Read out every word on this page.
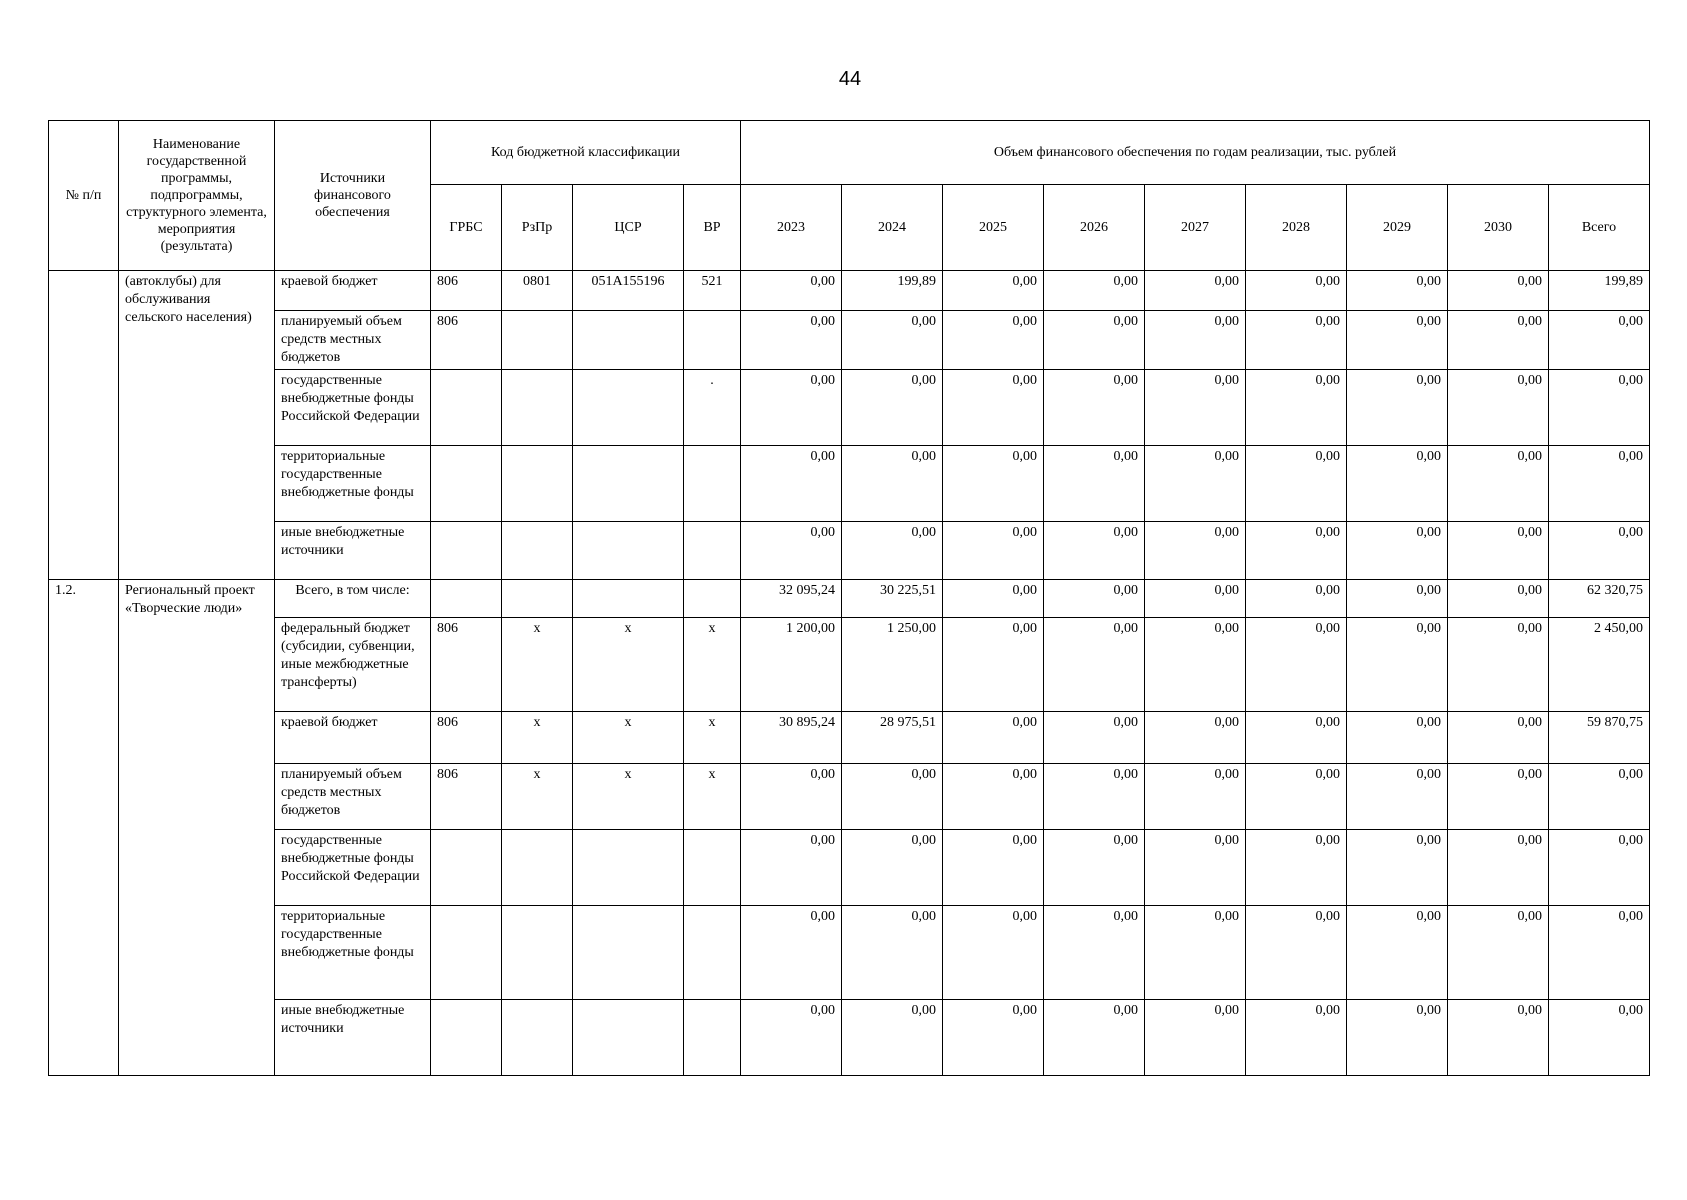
44
№ п/п	Наименование государственной программы, подпрограммы, структурного элемента, мероприятия (результата)	Источники финансового обеспечения	Код бюджетной классификации				Объем финансового обеспечения по годам реализации, тыс. рублей								
			ГРБС	РзПр	ЦСР	ВР	2023	2024	2025	2026	2027	2028	2029	2030	Всего
	(автоклубы) для обслуживания сельского населения)	краевой бюджет	806	0801	051А155196	521	0,00	199,89	0,00	0,00	0,00	0,00	0,00	0,00	199,89
		планируемый объем средств местных бюджетов	806				0,00	0,00	0,00	0,00	0,00	0,00	0,00	0,00	0,00
		государственные внебюджетные фонды Российской Федерации				.	0,00	0,00	0,00	0,00	0,00	0,00	0,00	0,00	0,00
		территориальные государственные внебюджетные фонды					0,00	0,00	0,00	0,00	0,00	0,00	0,00	0,00	0,00
		иные внебюджетные источники					0,00	0,00	0,00	0,00	0,00	0,00	0,00	0,00	0,00
1.2.	Региональный проект «Творческие люди»	Всего, в том числе:					32 095,24	30 225,51	0,00	0,00	0,00	0,00	0,00	0,00	62 320,75
		федеральный бюджет (субсидии, субвенции, иные межбюджетные трансферты)	806	х	х	х	1 200,00	1 250,00	0,00	0,00	0,00	0,00	0,00	0,00	2 450,00
		краевой бюджет	806	х	х	х	30 895,24	28 975,51	0,00	0,00	0,00	0,00	0,00	0,00	59 870,75
		планируемый объем средств местных бюджетов	806	х	х	х	0,00	0,00	0,00	0,00	0,00	0,00	0,00	0,00	0,00
		государственные внебюджетные фонды Российской Федерации					0,00	0,00	0,00	0,00	0,00	0,00	0,00	0,00	0,00
		территориальные государственные внебюджетные фонды					0,00	0,00	0,00	0,00	0,00	0,00	0,00	0,00	0,00
		иные внебюджетные источники					0,00	0,00	0,00	0,00	0,00	0,00	0,00	0,00	0,00
